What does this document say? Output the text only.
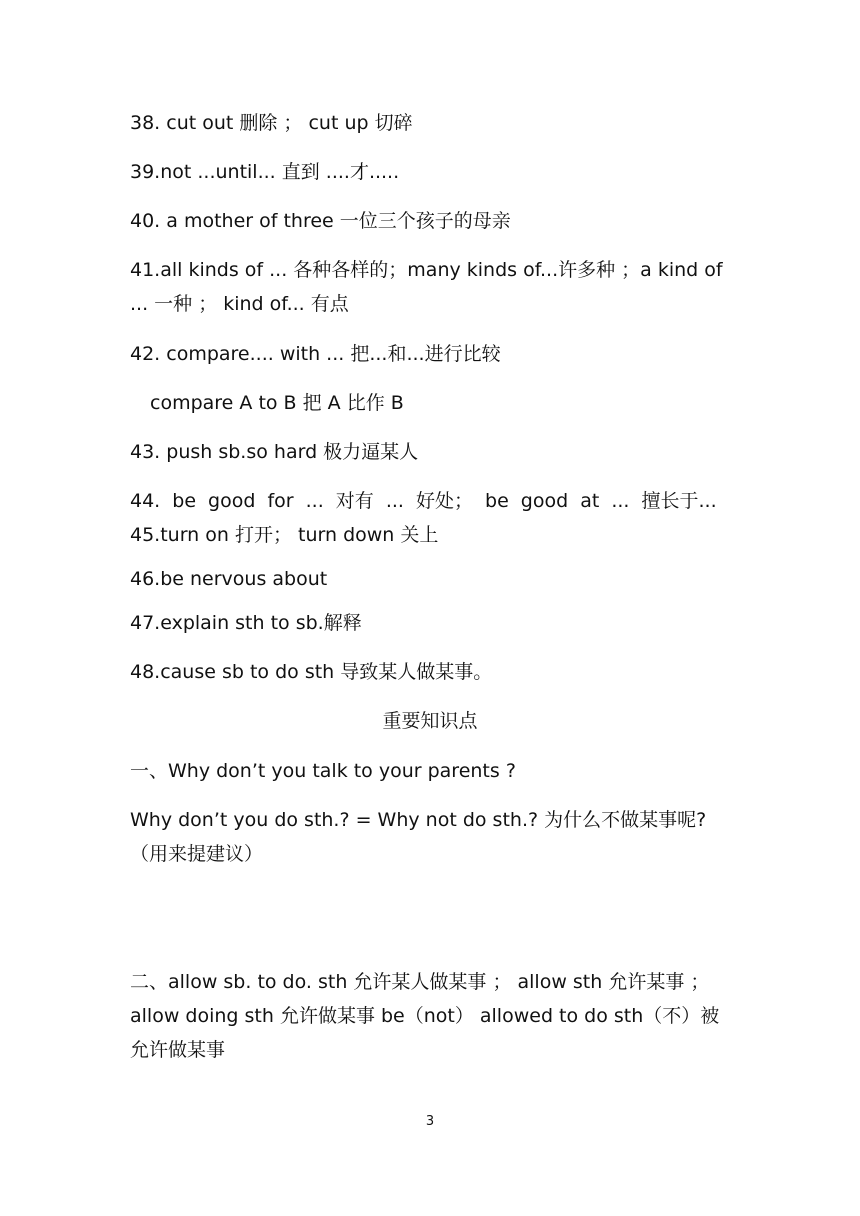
38. cut out 删除 ； cut up 切碎
39.not ...until... 直到 ....才.....
40. a mother of three 一位三个孩子的母亲
41.all kinds of ... 各种各样的；many kinds of...许多种 ；a kind of ... 一种 ； kind of... 有点
42. compare.... with ... 把...和...进行比较
compare A to B 把 A 比作 B
43. push sb.so hard 极力逼某人
44. be good for ... 对有 ... 好处； be good at ... 擅长于...
45.turn on 打开； turn down 关上
46.be nervous about
47.explain sth to sb.解释
48.cause sb to do sth 导致某人做某事。
重要知识点
一、Why don’t you talk to your parents ?
Why don’t you do sth.? = Why not do sth.? 为什么不做某事呢? （用来提建议）
二、allow sb. to do. sth 允许某人做某事 ； allow sth 允许某事 ；allow doing sth 允许做某事 be（not） allowed to do sth（不）被允许做某事
3
